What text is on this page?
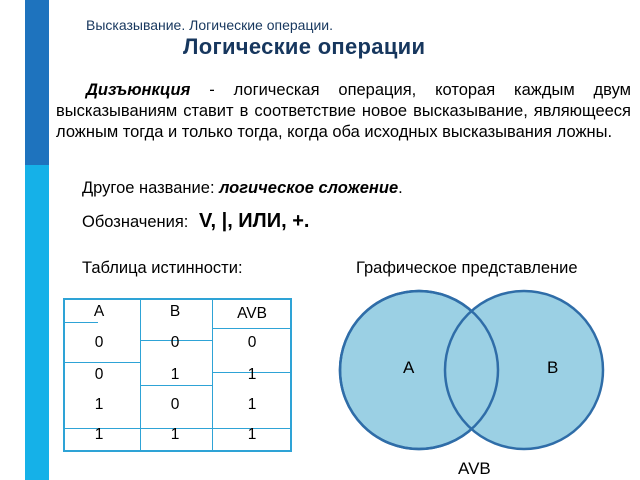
Высказывание. Логические операции.
Логические операции
Дизъюнкция - логическая операция, которая каждым двум высказываниям ставит в соответствие новое высказывание, являющееся ложным тогда и только тогда, когда оба исходных высказывания ложны.
Другое название: логическое сложение.
Обозначения: V, |, ИЛИ, +.
Таблица истинности:	Графическое представление
A	B	AVB
0	0	0
0	1	1
1	0	1
1	1	1
A	B
AVB
